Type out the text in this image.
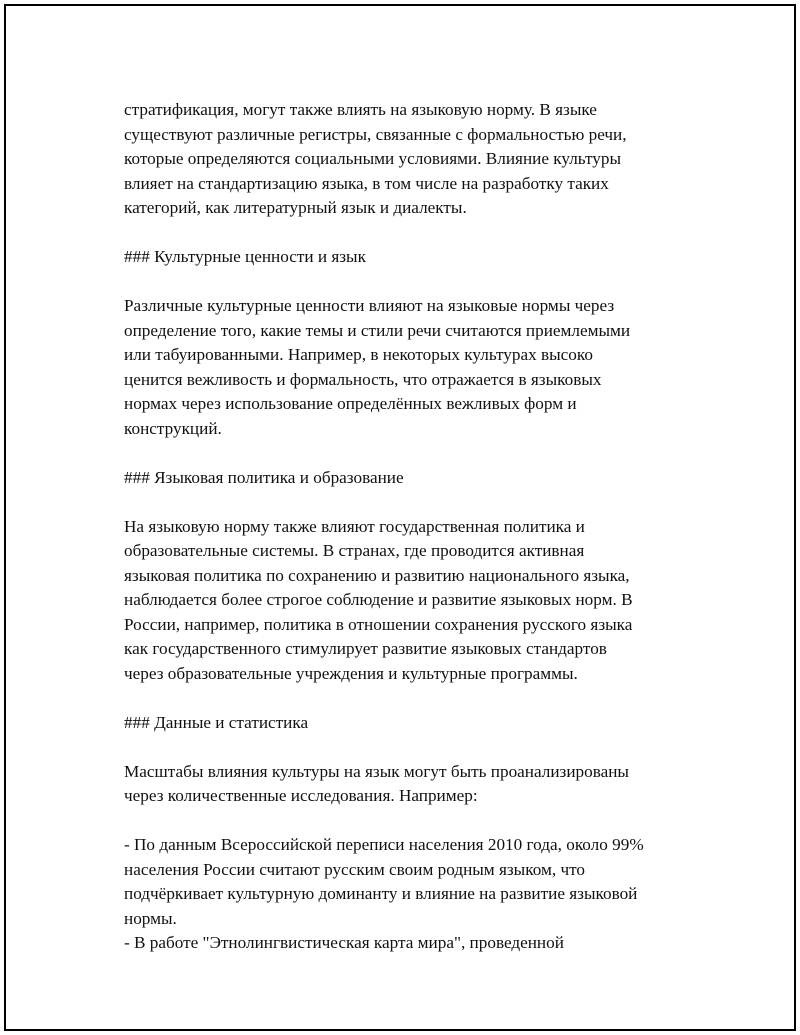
стратификация, могут также влиять на языковую норму. В языке
существуют различные регистры, связанные с формальностью речи,
которые определяются социальными условиями. Влияние культуры
влияет на стандартизацию языка, в том числе на разработку таких
категорий, как литературный язык и диалекты.
### Культурные ценности и язык
Различные культурные ценности влияют на языковые нормы через
определение того, какие темы и стили речи считаются приемлемыми
или табуированными. Например, в некоторых культурах высоко
ценится вежливость и формальность, что отражается в языковых
нормах через использование определённых вежливых форм и
конструкций.
### Языковая политика и образование
На языковую норму также влияют государственная политика и
образовательные системы. В странах, где проводится активная
языковая политика по сохранению и развитию национального языка,
наблюдается более строгое соблюдение и развитие языковых норм. В
России, например, политика в отношении сохранения русского языка
как государственного стимулирует развитие языковых стандартов
через образовательные учреждения и культурные программы.
### Данные и статистика
Масштабы влияния культуры на язык могут быть проанализированы
через количественные исследования. Например:
- По данным Всероссийской переписи населения 2010 года, около 99%
населения России считают русским своим родным языком, что
подчёркивает культурную доминанту и влияние на развитие языковой
нормы.
- В работе "Этнолингвистическая карта мира", проведенной
